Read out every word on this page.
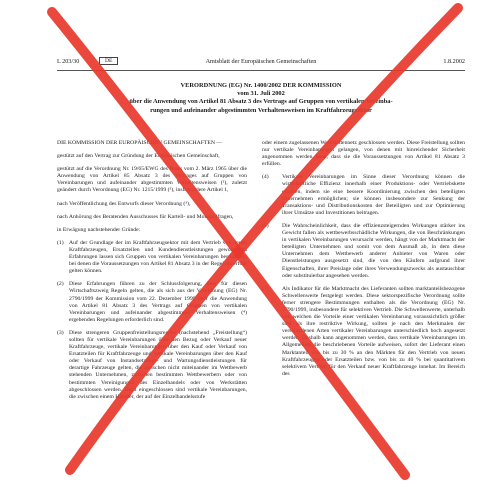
L 203/30	DE	Amtsblatt der Europäischen Gemeinschaften	1.8.2002
VERORDNUNG (EG) Nr. 1400/2002 DER KOMMISSION
vom 31. Juli 2002
über die Anwendung von Artikel 81 Absatz 3 des Vertrags auf Gruppen von vertikalen Vereinba-
rungen und aufeinander abgestimmten Verhaltensweisen im Kraftfahrzeugsektor

DIE KOMMISSION DER EUROPÄISCHEN GEMEINSCHAFTEN —

gestützt auf den Vertrag zur Gründung der Europäischen Gemeinschaft,

gestützt auf die Verordnung Nr. 19/65/EWG des Rates vom 2. März 1965 über die Anwendung von Artikel 85 Absatz 3 des Vertrages auf Gruppen von Vereinbarungen und aufeinander abgestimmten Verhaltensweisen (¹), zuletzt geändert durch Verordnung (EG) Nr. 1215/1999 (²), insbesondere Artikel 1,

nach Veröffentlichung des Entwurfs dieser Verordnung (³),

nach Anhörung des Beratenden Ausschusses für Kartell- und Monopolfragen,

in Erwägung nachstehender Gründe:

(1) Auf der Grundlage der im Kraftfahrzeugsektor mit dem Vertrieb von neuen Kraftfahrzeugen, Ersatzteilen und Kundendienstleistungen gewonnenen Erfahrungen lassen sich Gruppen von vertikalen Vereinbarungen bestimmen, bei denen die Voraussetzungen von Artikel 81 Absatz 3 in der Regel als erfüllt gelten können.
(2) Diese Erfahrungen führen zu der Schlussfolgerung, dass für diesen Wirtschaftszweig Regeln gelten, die als sich aus der Verordnung (EG) Nr. 2790/1999 der Kommission vom 22. Dezember 1999 über die Anwendung von Artikel 81 Absatz 3 des Vertrags auf Gruppen von vertikalen Vereinbarungen und aufeinander abgestimmten Verhaltensweisen (⁴) ergebenden Regelungen erforderlich sind.
(3) Diese strengeren Gruppenfreistellungsregeln (nachstehend „Freistellung“) sollten für vertikale Vereinbarungen über den Bezug oder Verkauf neuer Kraftfahrzeuge, vertikale Vereinbarungen über den Kauf oder Verkauf von Ersatzteilen für Kraftfahrzeuge und vertikale Vereinbarungen über den Kauf oder Verkauf von Instandsetzungs- und Wartungsdienstleistungen für derartige Fahrzeuge gelten, die zwischen nicht miteinander im Wettbewerb stehenden Unternehmen, zwischen bestimmten Wettbewerbern oder von bestimmten Vereinigungen des Einzelhandels oder von Werkstätten abgeschlossen werden. Dazu eingeschlossen sind vertikale Vereinbarungen, die zwischen einem Händler, der auf der Einzelhandelsstufe

oder einem zugelassenen Werkstättennetz geschlossen werden. Diese Freistellung sollten nur vertikale Vereinbarungen gelangen, von denen mit hinreichender Sicherheit angenommen werden kann, dass sie die Voraussetzungen von Artikel 81 Absatz 3 erfüllen.

(4) Vertikale Vereinbarungen im Sinne dieser Verordnung können die wirtschaftliche Effizienz innerhalb einer Produktions- oder Vertriebskette erhöhen, indem sie eine bessere Koordinierung zwischen den beteiligten Unternehmen ermöglichen; sie können insbesondere zur Senkung der Transaktions- und Distributionskosten der Beteiligten und zur Optimierung ihrer Umsätze und Investitionen beitragen.
(5) Die Wahrscheinlichkeit, dass die effizienzsteigernden Wirkungen stärker ins Gewicht fallen als wettbewerbsschädliche Wirkungen, die von Beschränkungen in vertikalen Vereinbarungen verursacht werden, hängt von der Marktmacht der beteiligten Unternehmen und somit von dem Ausmaß ab, in dem diese Unternehmen dem Wettbewerb anderer Anbieter von Waren oder Dienstleistungen ausgesetzt sind, die von den Käufern aufgrund ihrer Eigenschaften, ihrer Preislage oder ihres Verwendungszwecks als austauschbar oder substituierbar angesehen werden.
(7) Als Indikator für die Marktmacht des Lieferanten sollten marktanteilsbezogene Schwellenwerte festgelegt werden. Diese sektorspezifische Verordnung sollte ferner strengere Bestimmungen enthalten als die Verordnung (EG) Nr. 2790/1999, insbesondere für selektiven Vertrieb. Die Schwellenwerte, unterhalb von welchen die Vorteile einer vertikalen Vereinbarung voraussichtlich größer sind als ihre restriktive Wirkung, sollten je nach den Merkmalen der verschiedenen Arten vertikaler Vereinbarungen unterschiedlich hoch angesetzt werden. Deshalb kann angenommen werden, dass vertikale Vereinbarungen im Allgemeinen die beschriebenen Vorteile aufweisen, sofort der Lieferant einen Marktanteil von bis zu 30 % an den Märkten für den Vertrieb von neuen Kraftfahrzeugen oder Ersatzteilen bzw. von bis zu 40 % bei quantitativem selektivem Vertrieb für den Verkauf neuer Kraftfahrzeuge innehat. Im Bereich des
